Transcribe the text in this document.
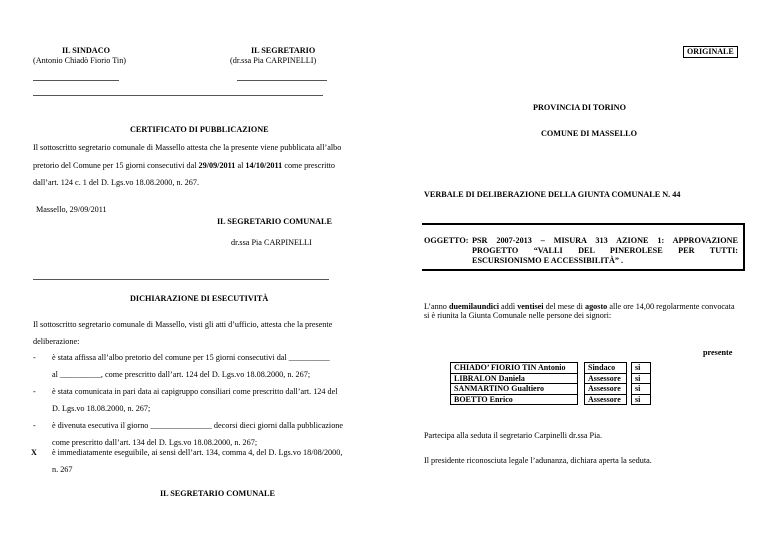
IL SINDACO
(Antonio Chiadò Fiorio Tin)
IL SEGRETARIO
(dr.ssa Pia CARPINELLI)
CERTIFICATO DI PUBBLICAZIONE
Il sottoscritto segretario comunale di Massello attesta che la presente viene pubblicata all’albo
pretorio del Comune per 15 giorni consecutivi dal 29/09/2011 al 14/10/2011 come prescritto
dall’art. 124 c. 1 del D. Lgs.vo 18.08.2000, n. 267.
Massello, 29/09/2011
IL SEGRETARIO COMUNALE
dr.ssa Pia CARPINELLI
DICHIARAZIONE DI ESECUTIVITÀ
Il sottoscritto segretario comunale di Massello, visti gli atti d’ufficio, attesta che la presente
deliberazione:
- è stata affissa all’albo pretorio del comune per 15 giorni consecutivi dal __________
al __________, come prescritto dall’art. 124 del D. Lgs.vo 18.08.2000, n. 267;
- è stata comunicata in pari data ai capigruppo consiliari come prescritto dall’art. 124 del
D. Lgs.vo 18.08.2000, n. 267;
- è divenuta esecutiva il giorno _______________ decorsi dieci giorni dalla pubblicazione
come prescritto dall’art. 134 del D. Lgs.vo 18.08.2000, n. 267;
X è immediatamente eseguibile, ai sensi dell’art. 134, comma 4, del D. Lgs.vo 18/08/2000,
n. 267
IL SEGRETARIO COMUNALE
ORIGINALE
PROVINCIA DI TORINO
COMUNE DI MASSELLO
VERBALE DI DELIBERAZIONE DELLA GIUNTA COMUNALE N. 44
OGGETTO: PSR 2007-2013 – MISURA 313 AZIONE 1: APPROVAZIONE
PROGETTO “VALLI DEL PINEROLESE PER TUTTI:
ESCURSIONISMO E ACCESSIBILITÀ” .
L’anno duemilaundici addì ventisei del mese di agosto alle ore 14,00 regolarmente convocata
si è riunita la Giunta Comunale nelle persone dei signori:
presente
CHIADO’ FIORIO TIN Antonio		Sindaco		si
LIBRALON Daniela		Assessore		si
SANMARTINO Gualtiero		Assessore		si
BOETTO Enrico		Assessore		si
Partecipa alla seduta il segretario Carpinelli dr.ssa Pia.
Il presidente riconosciuta legale l’adunanza, dichiara aperta la seduta.
